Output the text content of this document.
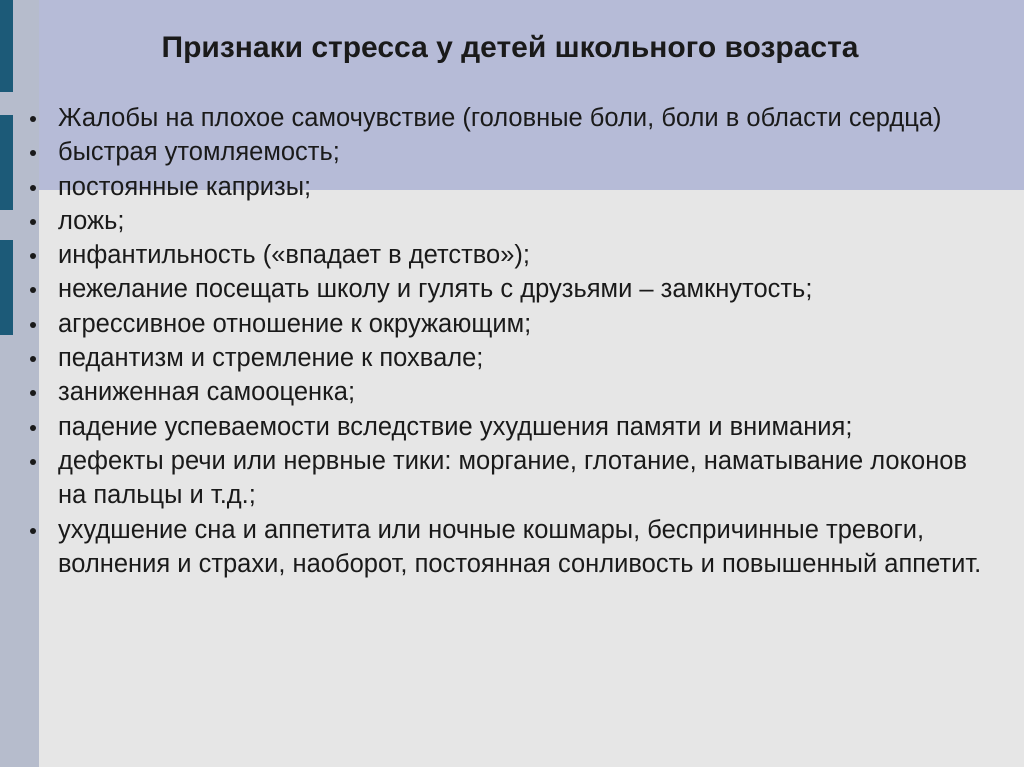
Признаки стресса у детей школьного возраста
Жалобы на плохое самочувствие (головные боли, боли в области сердца)
быстрая утомляемость;
постоянные капризы;
ложь;
инфантильность («впадает в детство»);
нежелание посещать школу и гулять с друзьями – замкнутость;
агрессивное отношение к окружающим;
педантизм и стремление к похвале;
заниженная самооценка;
падение успеваемости вследствие ухудшения памяти и внимания;
дефекты речи или нервные тики: моргание, глотание, наматывание локонов на пальцы и т.д.;
ухудшение сна и аппетита или ночные кошмары, беспричинные тревоги, волнения и страхи, наоборот, постоянная сонливость и повышенный аппетит.
